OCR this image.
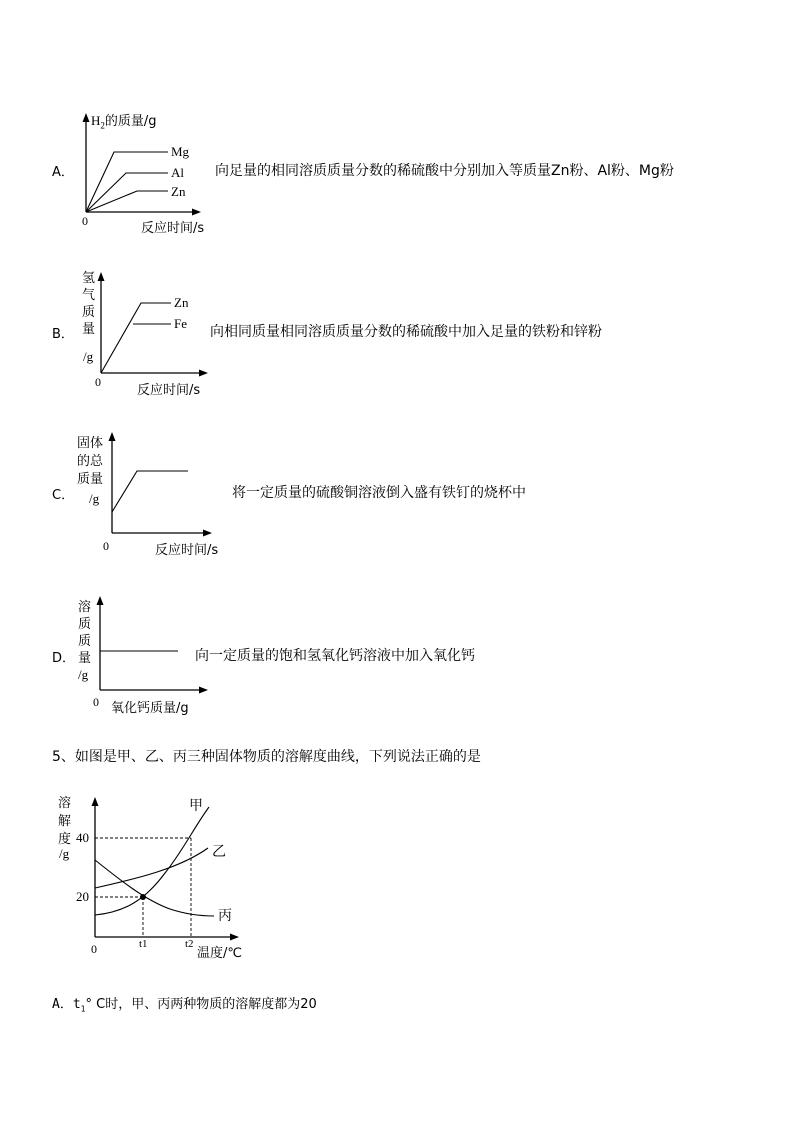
A．
$H_2$的质量/g
Mg
Al
Zn
0	反应时间/s
向足量的相同溶质质量分数的稀硫酸中分别加入等质量Zn粉、Al粉、Mg粉
B．
氢
气
质
量
/g
Zn
Fe
0
反应时间/s
向相同质量相同溶质质量分数的稀硫酸中加入足量的铁粉和锌粉
C．
固体
的总
质量
/g
0	反应时间/s
将一定质量的硫酸铜溶液倒入盛有铁钉的烧杯中
D．
溶
质
质
量
/g
0 氧化钙质量/g
向一定质量的饱和氢氧化钙溶液中加入氧化钙
5、如图是甲、乙、丙三种固体物质的溶解度曲线，下列说法正确的是
溶
解
度
/g
40
20
0	t1	t2
温度/℃
甲
乙
丙
A．$t_1^\circ$ C时，甲、丙两种物质的溶解度都为20
